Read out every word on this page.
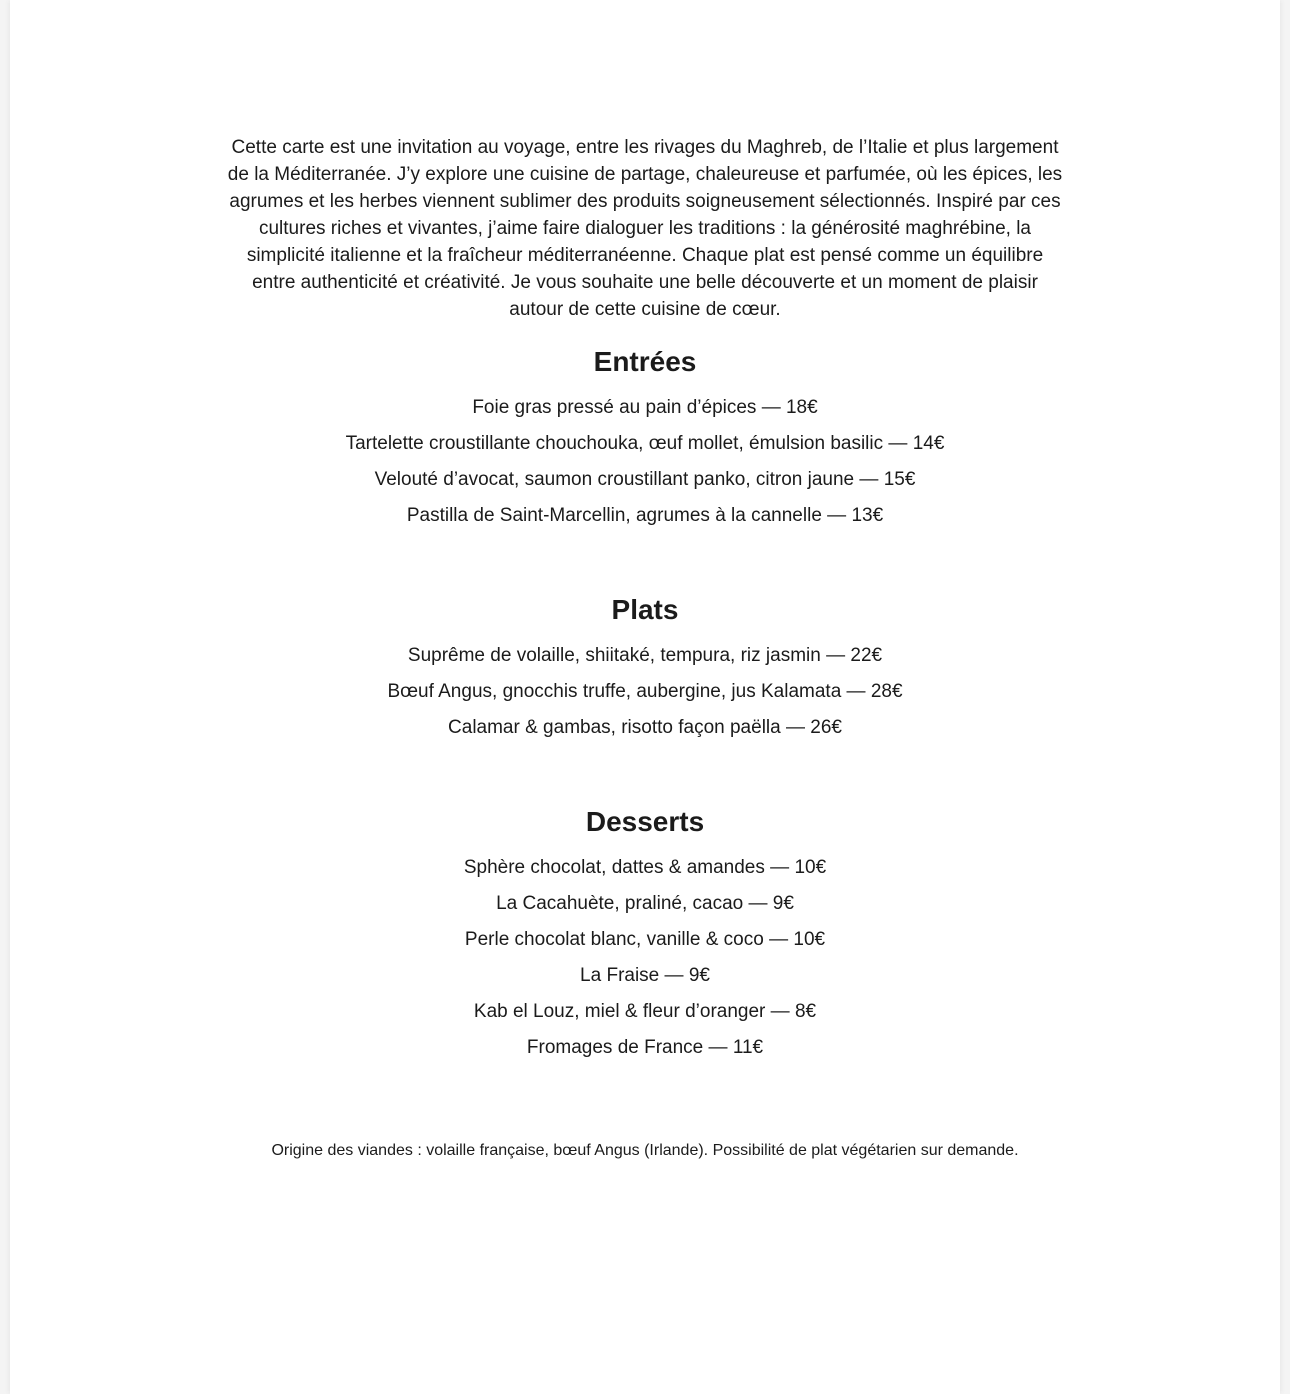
Cette carte est une invitation au voyage, entre les rivages du Maghreb, de l’Italie et plus largement
de la Méditerranée. J’y explore une cuisine de partage, chaleureuse et parfumée, où les épices, les
agrumes et les herbes viennent sublimer des produits soigneusement sélectionnés. Inspiré par ces
cultures riches et vivantes, j’aime faire dialoguer les traditions : la générosité maghrébine, la
simplicité italienne et la fraîcheur méditerranéenne. Chaque plat est pensé comme un équilibre
entre authenticité et créativité. Je vous souhaite une belle découverte et un moment de plaisir
autour de cette cuisine de cœur.

Entrées
Foie gras pressé au pain d’épices — 18€
Tartelette croustillante chouchouka, œuf mollet, émulsion basilic — 14€
Velouté d’avocat, saumon croustillant panko, citron jaune — 15€
Pastilla de Saint-Marcellin, agrumes à la cannelle — 13€
Plats
Suprême de volaille, shiitaké, tempura, riz jasmin — 22€
Bœuf Angus, gnocchis truffe, aubergine, jus Kalamata — 28€
Calamar & gambas, risotto façon paëlla — 26€
Desserts
Sphère chocolat, dattes & amandes — 10€
La Cacahuète, praliné, cacao — 9€
Perle chocolat blanc, vanille & coco — 10€
La Fraise — 9€
Kab el Louz, miel & fleur d’oranger — 8€
Fromages de France — 11€
Origine des viandes : volaille française, bœuf Angus (Irlande). Possibilité de plat végétarien sur demande.
